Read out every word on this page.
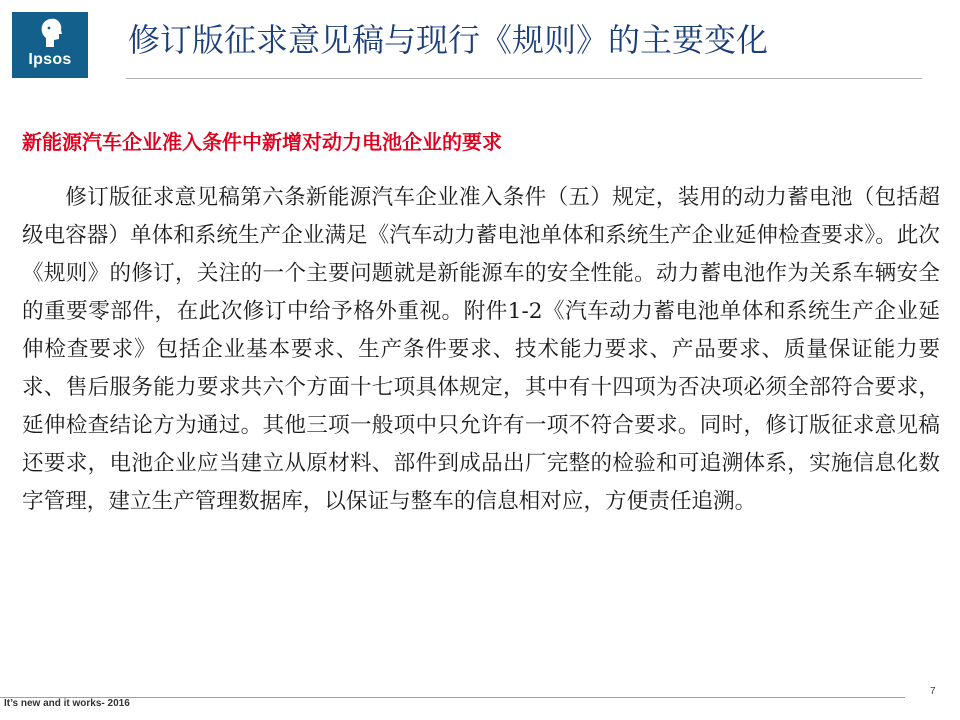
Ipsos
修订版征求意见稿与现行《规则》的主要变化
新能源汽车企业准入条件中新增对动力电池企业的要求

修订版征求意见稿第六条新能源汽车企业准入条件（五）规定，装用的动力蓄电池（包括超级电容器）单体和系统生产企业满足《汽车动力蓄电池单体和系统生产企业延伸检查要求》。此次《规则》的修订，关注的一个主要问题就是新能源车的安全性能。动力蓄电池作为关系车辆安全的重要零部件，在此次修订中给予格外重视。附件1-2《汽车动力蓄电池单体和系统生产企业延伸检查要求》包括企业基本要求、生产条件要求、技术能力要求、产品要求、质量保证能力要求、售后服务能力要求共六个方面十七项具体规定，其中有十四项为否决项必须全部符合要求，延伸检查结论方为通过。其他三项一般项中只允许有一项不符合要求。同时，修订版征求意见稿还要求，电池企业应当建立从原材料、部件到成品出厂完整的检验和可追溯体系，实施信息化数字管理，建立生产管理数据库，以保证与整车的信息相对应，方便责任追溯。

It’s new and it works- 2016
7
